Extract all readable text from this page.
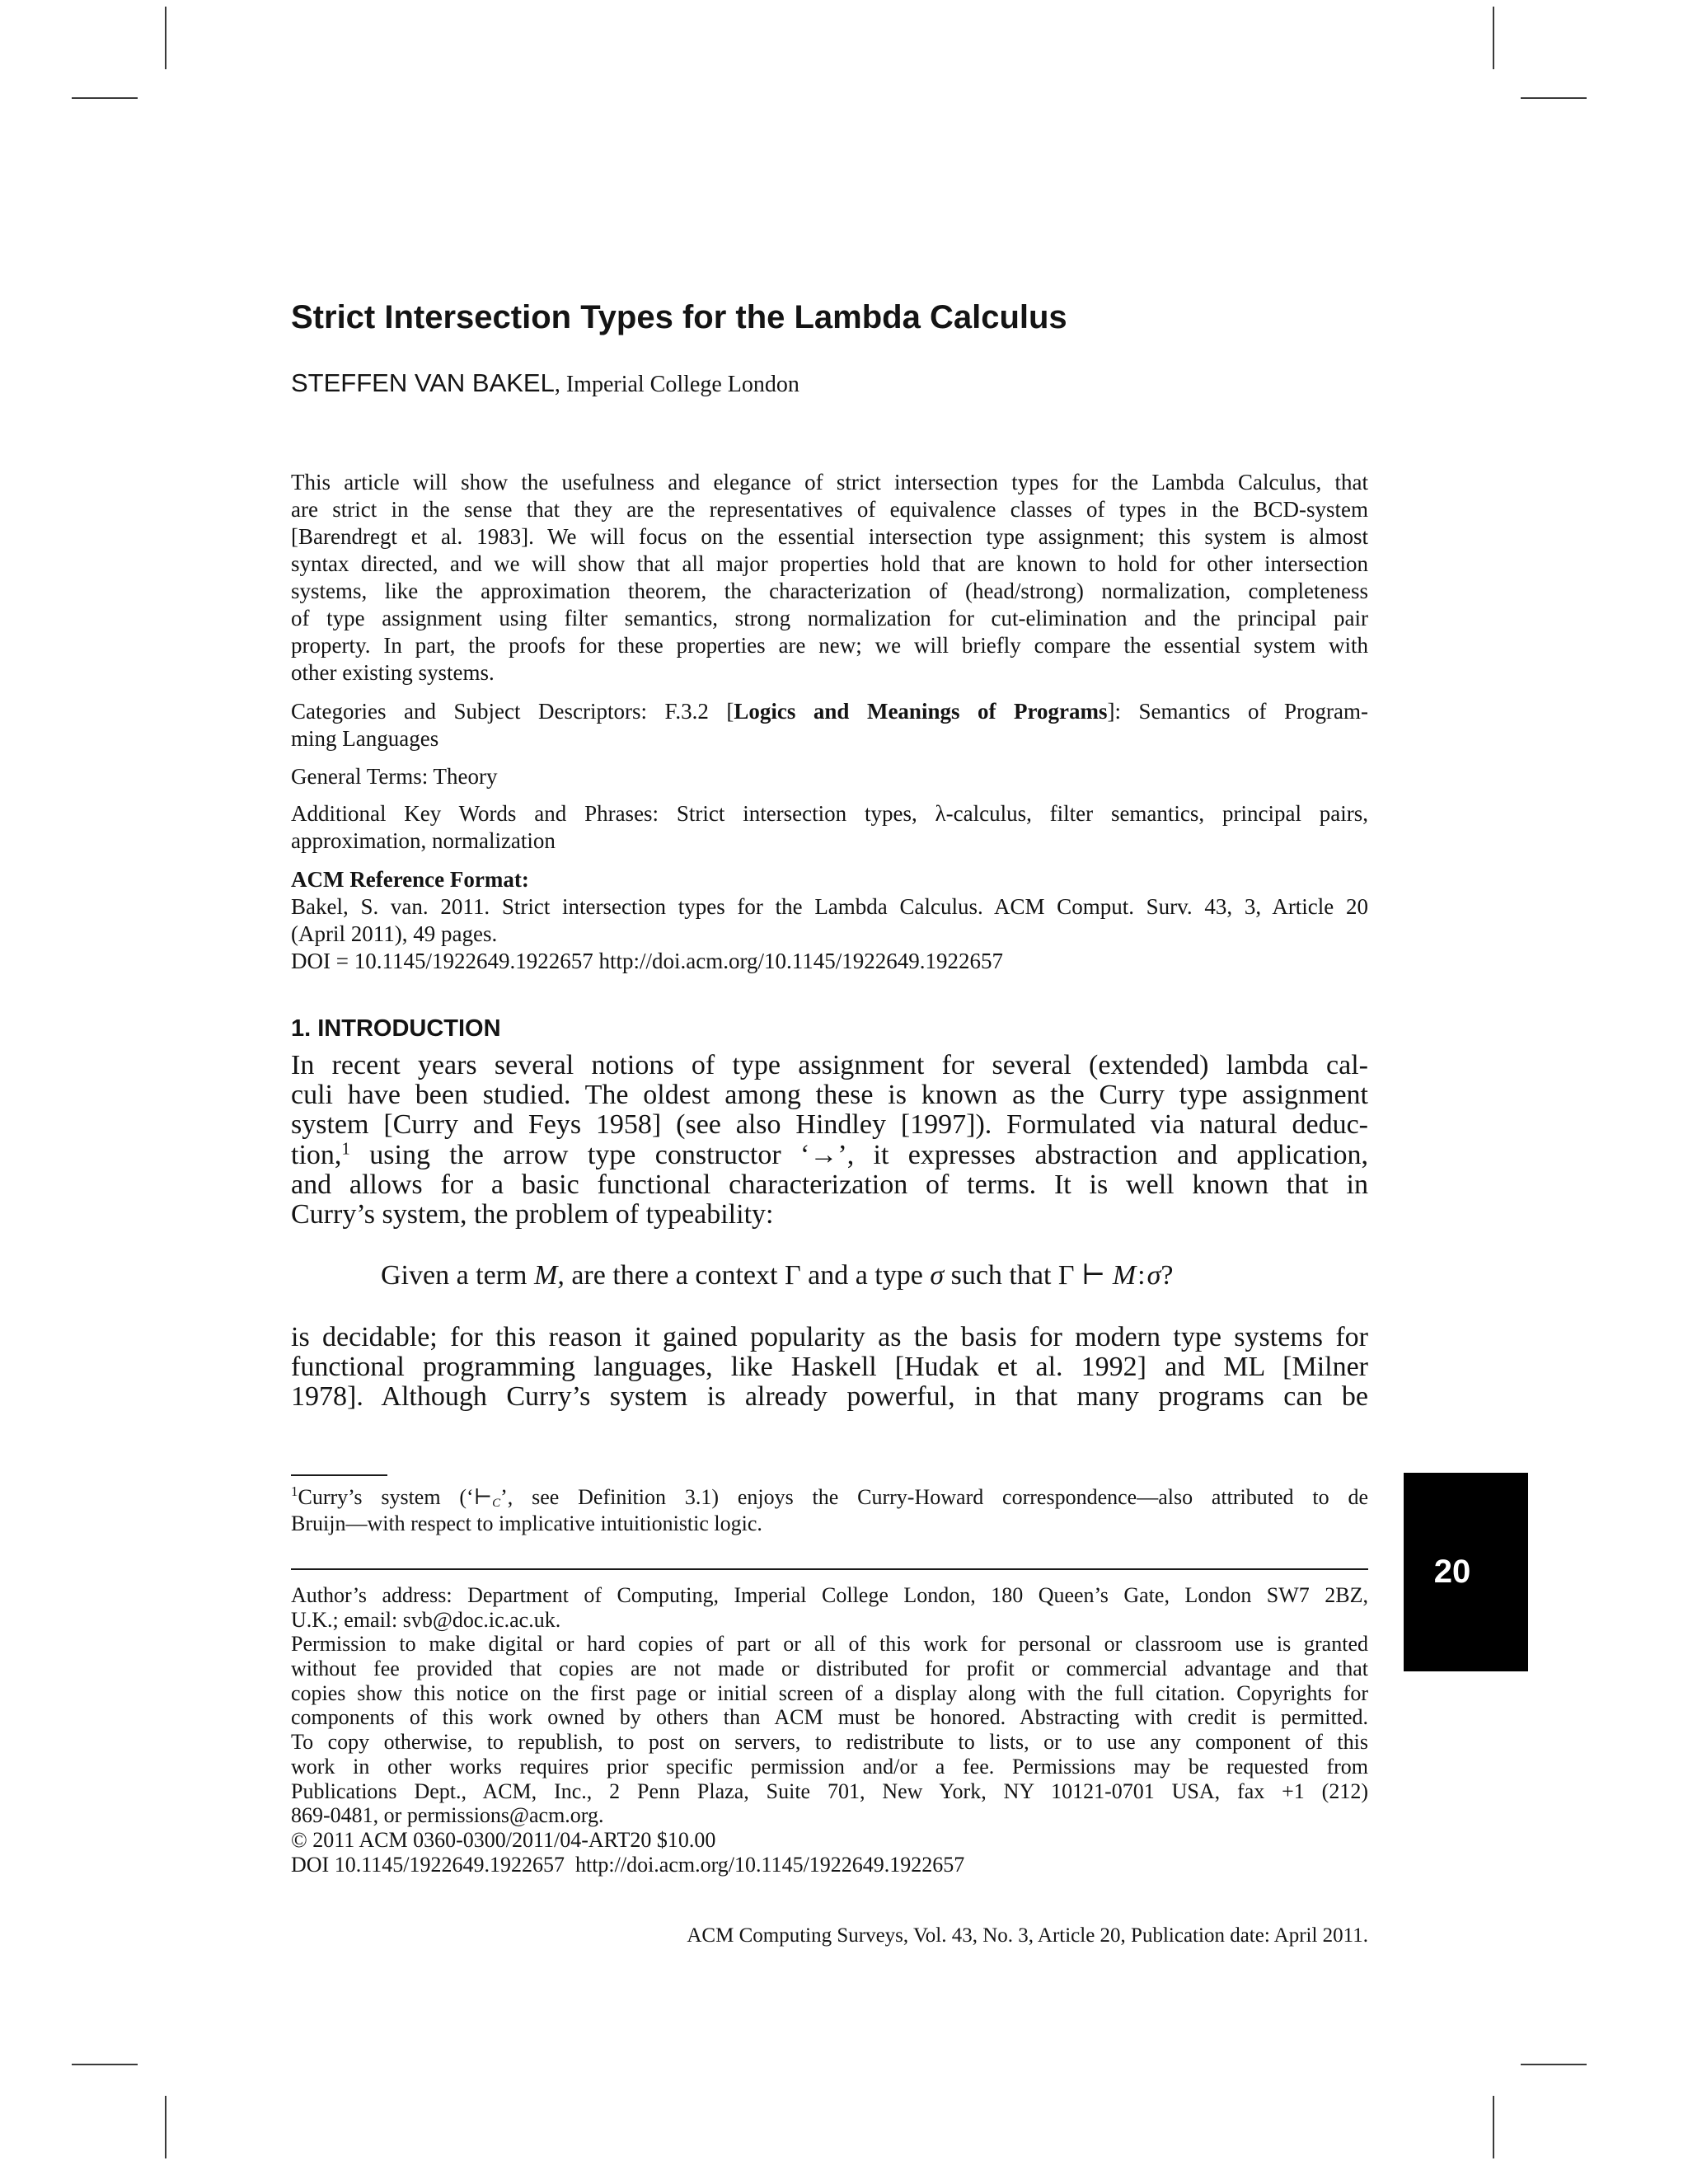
Strict Intersection Types for the Lambda Calculus
STEFFEN VAN BAKEL, Imperial College London
This article will show the usefulness and elegance of strict intersection types for the Lambda Calculus, that
are strict in the sense that they are the representatives of equivalence classes of types in the BCD-system
[Barendregt et al. 1983]. We will focus on the essential intersection type assignment; this system is almost
syntax directed, and we will show that all major properties hold that are known to hold for other intersection
systems, like the approximation theorem, the characterization of (head/strong) normalization, completeness
of type assignment using filter semantics, strong normalization for cut-elimination and the principal pair
property. In part, the proofs for these properties are new; we will briefly compare the essential system with
other existing systems.
Categories and Subject Descriptors: F.3.2 [Logics and Meanings of Programs]: Semantics of Program-
ming Languages
General Terms: Theory
Additional Key Words and Phrases: Strict intersection types, λ-calculus, filter semantics, principal pairs,
approximation, normalization
ACM Reference Format:
Bakel, S. van. 2011. Strict intersection types for the Lambda Calculus. ACM Comput. Surv. 43, 3, Article 20
(April 2011), 49 pages.
DOI = 10.1145/1922649.1922657 http://doi.acm.org/10.1145/1922649.1922657
1. INTRODUCTION
In recent years several notions of type assignment for several (extended) lambda cal-
culi have been studied. The oldest among these is known as the Curry type assignment
system [Curry and Feys 1958] (see also Hindley [1997]). Formulated via natural deduc-
tion,$^1$ using the arrow type constructor ‘→’, it expresses abstraction and application,
and allows for a basic functional characterization of terms. It is well known that in
Curry’s system, the problem of typeability:
Given a term M, are there a context Γ and a type σ such that Γ ⊢ M:σ?
is decidable; for this reason it gained popularity as the basis for modern type systems for
functional programming languages, like Haskell [Hudak et al. 1992] and ML [Milner
1978]. Although Curry’s system is already powerful, in that many programs can be
$^1$Curry’s system (‘$⊢_C$’, see Definition 3.1) enjoys the Curry-Howard correspondence—also attributed to de
Bruijn—with respect to implicative intuitionistic logic.
Author’s address: Department of Computing, Imperial College London, 180 Queen’s Gate, London SW7 2BZ,
U.K.; email: svb@doc.ic.ac.uk.
Permission to make digital or hard copies of part or all of this work for personal or classroom use is granted
without fee provided that copies are not made or distributed for profit or commercial advantage and that
copies show this notice on the first page or initial screen of a display along with the full citation. Copyrights for
components of this work owned by others than ACM must be honored. Abstracting with credit is permitted.
To copy otherwise, to republish, to post on servers, to redistribute to lists, or to use any component of this
work in other works requires prior specific permission and/or a fee. Permissions may be requested from
Publications Dept., ACM, Inc., 2 Penn Plaza, Suite 701, New York, NY 10121-0701 USA, fax +1 (212)
869-0481, or permissions@acm.org.
© 2011 ACM 0360-0300/2011/04-ART20 $10.00
DOI 10.1145/1922649.1922657  http://doi.acm.org/10.1145/1922649.1922657
ACM Computing Surveys, Vol. 43, No. 3, Article 20, Publication date: April 2011.
20
